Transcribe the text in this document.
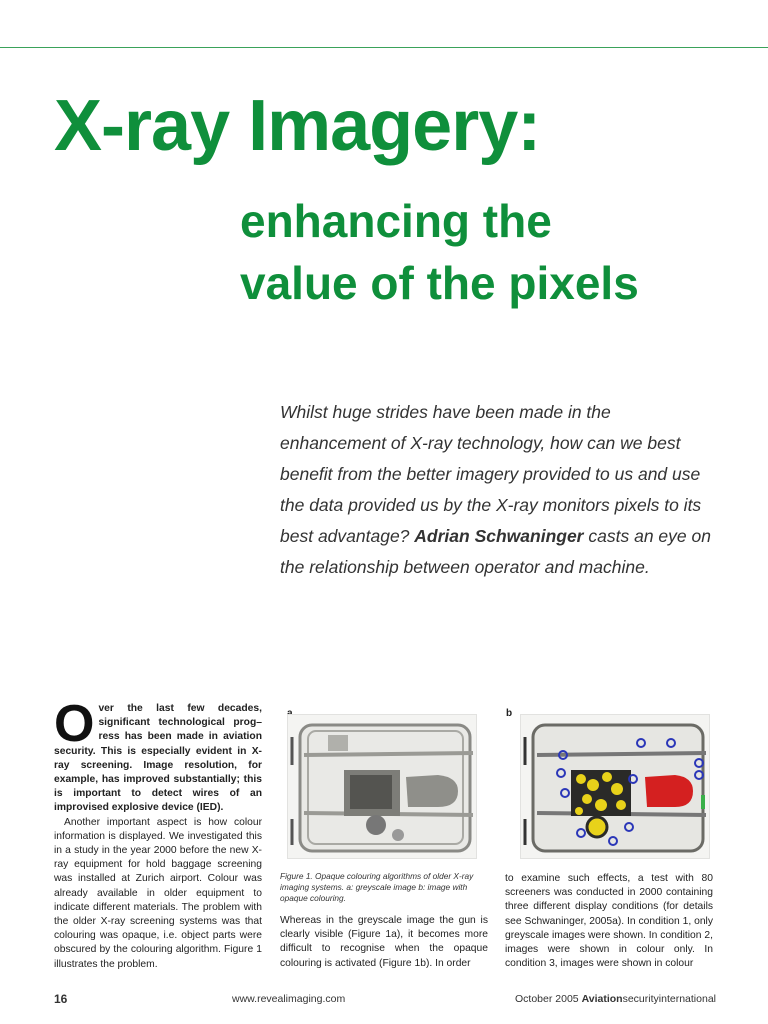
X-ray Imagery:
enhancing the
value of the pixels
Whilst huge strides have been made in the enhancement of X-ray technology, how can we best benefit from the better imagery provided to us and use the data provided us by the X-ray monitors pixels to its best advantage? Adrian Schwaninger casts an eye on the relationship between operator and machine.
O ver the last few decades, significant technological prog– ress has been made in aviation security. This is especially evident in X-ray screening. Image resolution, for example, has improved substantially; this is important to detect wires of an improvised explosive device (IED).

Another important aspect is how colour information is displayed. We investigated this in a study in the year 2000 before the new X-ray equipment for hold baggage screening was installed at Zurich airport. Colour was already available in older equipment to indicate different materials. The problem with the older X-ray screening systems was that colouring was opaque, i.e. object parts were obscured by the colouring algorithm. Figure 1 illustrates the problem.

b
Figure 1. Opaque colouring algorithms of older X-ray imaging systems. a: greyscale image b: image with opaque colouring.

Whereas in the greyscale image the gun is clearly visible (Figure 1a), it becomes more difficult to recognise when the opaque colouring is activated (Figure 1b). In order

to examine such effects, a test with 80 screeners was conducted in 2000 containing three different display conditions (for details see Schwaninger, 2005a). In condition 1, only greyscale images were shown. In condition 2, images were shown in colour only. In condition 3, images were shown in colour

16	www.revealimaging.com	October 2005 Aviationsecurityinternational
